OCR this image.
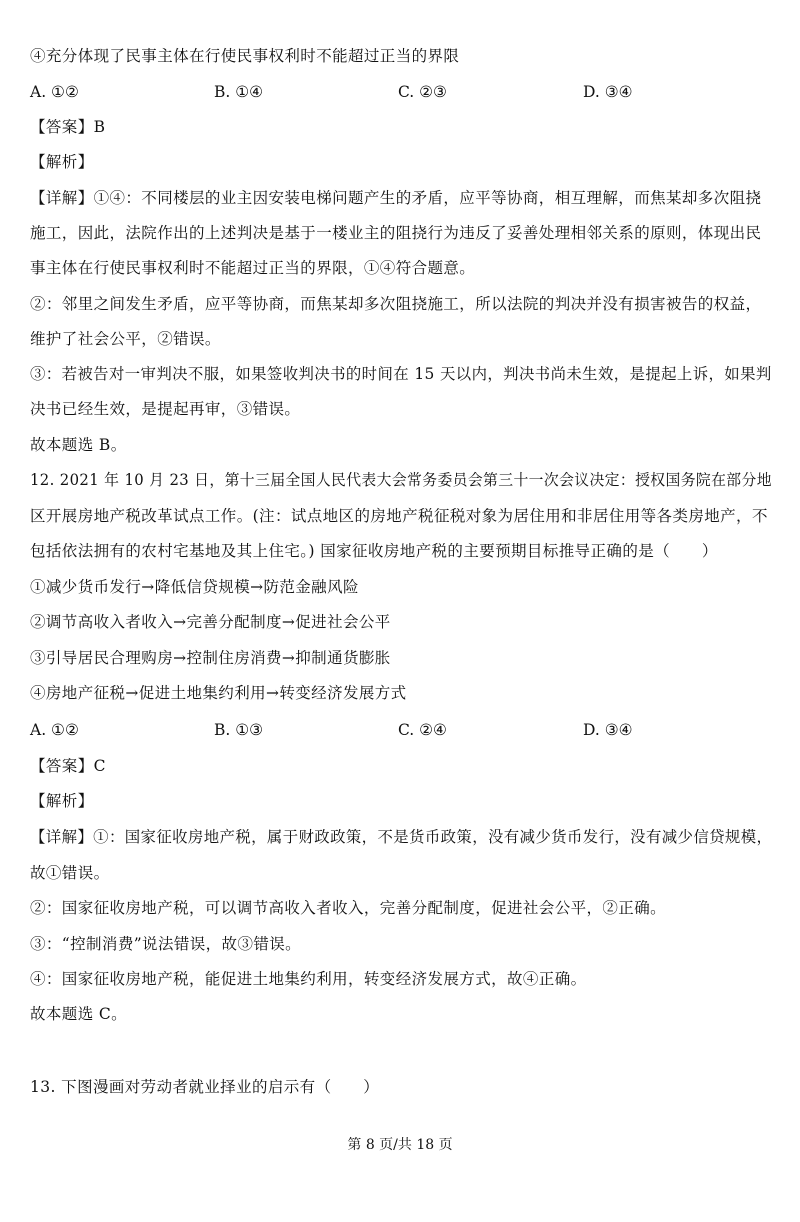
④充分体现了民事主体在行使民事权利时不能超过正当的界限
A. ①②	B. ①④	C. ②③	D. ③④
【答案】B
【解析】
【详解】①④：不同楼层的业主因安装电梯问题产生的矛盾，应平等协商，相互理解，而焦某却多次阻挠
施工，因此，法院作出的上述判决是基于一楼业主的阻挠行为违反了妥善处理相邻关系的原则，体现出民
事主体在行使民事权利时不能超过正当的界限，①④符合题意。
②：邻里之间发生矛盾，应平等协商，而焦某却多次阻挠施工，所以法院的判决并没有损害被告的权益，
维护了社会公平，②错误。
③：若被告对一审判决不服，如果签收判决书的时间在 15 天以内，判决书尚未生效，是提起上诉，如果判
决书已经生效，是提起再审，③错误。
故本题选 B。
12. 2021 年 10 月 23 日，第十三届全国人民代表大会常务委员会第三十一次会议决定：授权国务院在部分地
区开展房地产税改革试点工作。(注：试点地区的房地产税征税对象为居住用和非居住用等各类房地产，不
包括依法拥有的农村宅基地及其上住宅。) 国家征收房地产税的主要预期目标推导正确的是（　　）
①减少货币发行→降低信贷规模→防范金融风险
②调节高收入者收入→完善分配制度→促进社会公平
③引导居民合理购房→控制住房消费→抑制通货膨胀
④房地产征税→促进土地集约利用→转变经济发展方式
A. ①②	B. ①③	C. ②④	D. ③④
【答案】C
【解析】
【详解】①：国家征收房地产税，属于财政政策，不是货币政策，没有减少货币发行，没有减少信贷规模，
故①错误。
②：国家征收房地产税，可以调节高收入者收入，完善分配制度，促进社会公平，②正确。
③：“控制消费”说法错误，故③错误。
④：国家征收房地产税，能促进土地集约利用，转变经济发展方式，故④正确。
故本题选 C。
13. 下图漫画对劳动者就业择业的启示有（　　）
第 8 页/共 18 页
